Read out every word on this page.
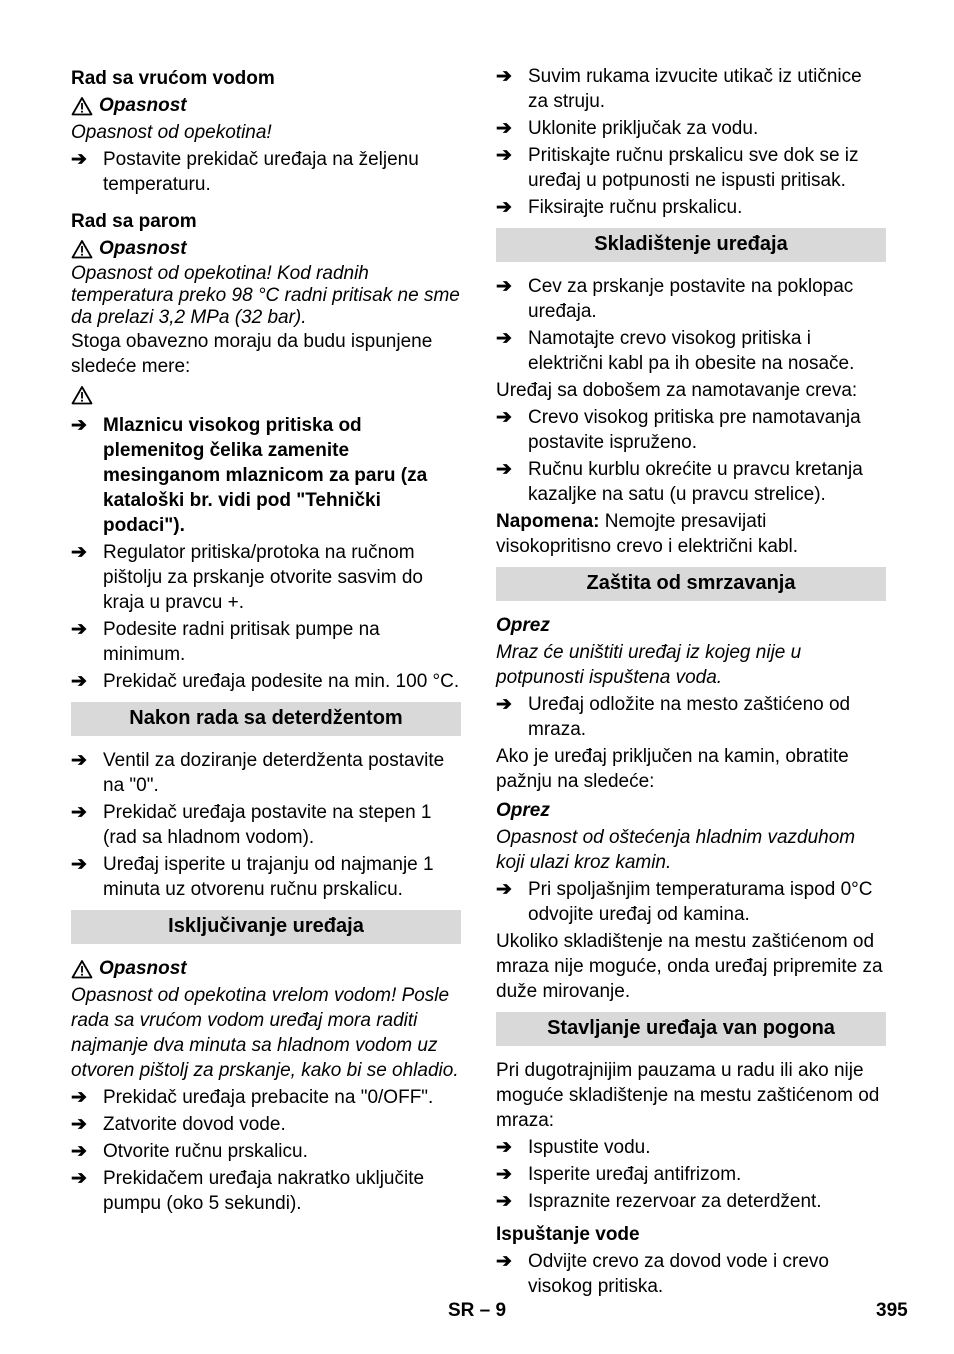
Rad sa vrućom vodom
Opasnost

Opasnost od opekotina!

➔ Postavite prekidač uređaja na željenu temperaturu.
Rad sa parom
Opasnost

Opasnost od opekotina! Kod radnih temperatura preko 98 °C radni pritisak ne sme da prelazi 3,2 MPa (32 bar).

Stoga obavezno moraju da budu ispunjene sledeće mere:

➔ Mlaznicu visokog pritiska od plemenitog čelika zamenite mesinganom mlaznicom za paru (za kataloški br. vidi pod "Tehnički podaci").
➔ Regulator pritiska/protoka na ručnom pištolju za prskanje otvorite sasvim do kraja u pravcu +.
➔ Podesite radni pritisak pumpe na minimum.
➔ Prekidač uređaja podesite na min. 100 °C.
Nakon rada sa deterdžentom
➔ Ventil za doziranje deterdženta postavite na "0".
➔ Prekidač uređaja postavite na stepen 1 (rad sa hladnom vodom).
➔ Uređaj isperite u trajanju od najmanje 1 minuta uz otvorenu ručnu prskalicu.
Isključivanje uređaja
Opasnost

Opasnost od opekotina vrelom vodom! Posle rada sa vrućom vodom uređaj mora raditi najmanje dva minuta sa hladnom vodom uz otvoren pištolj za prskanje, kako bi se ohladio.

➔ Prekidač uređaja prebacite na "0/OFF".
➔ Zatvorite dovod vode.
➔ Otvorite ručnu prskalicu.
➔ Prekidačem uređaja nakratko uključite pumpu (oko 5 sekundi).
➔ Suvim rukama izvucite utikač iz utičnice za struju.
➔ Uklonite priključak za vodu.
➔ Pritiskajte ručnu prskalicu sve dok se iz uređaj u potpunosti ne ispusti pritisak.
➔ Fiksirajte ručnu prskalicu.
Skladištenje uređaja
➔ Cev za prskanje postavite na poklopac uređaja.
➔ Namotajte crevo visokog pritiska i električni kabl pa ih obesite na nosače.

Uređaj sa dobošem za namotavanje creva:

➔ Crevo visokog pritiska pre namotavanja postavite ispruženo.
➔ Ručnu kurblu okrećite u pravcu kretanja kazaljke na satu (u pravcu strelice).

Napomena: Nemojte presavijati visokopritisno crevo i električni kabl.

Zaštita od smrzavanja
Oprez

Mraz će uništiti uređaj iz kojeg nije u potpunosti ispuštena voda.

➔ Uređaj odložite na mesto zaštićeno od mraza.

Ako je uređaj priključen na kamin, obratite pažnju na sledeće:

Oprez

Opasnost od oštećenja hladnim vazduhom koji ulazi kroz kamin.

➔ Pri spoljašnjim temperaturama ispod 0°C odvojite uređaj od kamina.

Ukoliko skladištenje na mestu zaštićenom od mraza nije moguće, onda uređaj pripremite za duže mirovanje.

Stavljanje uređaja van pogona

Pri dugotrajnijim pauzama u radu ili ako nije moguće skladištenje na mestu zaštićenom od mraza:

➔ Ispustite vodu.
➔ Isperite uređaj antifrizom.
➔ Ispraznite rezervoar za deterdžent.
Ispuštanje vode
➔ Odvijte crevo za dovod vode i crevo visokog pritiska.
SR – 9	395
